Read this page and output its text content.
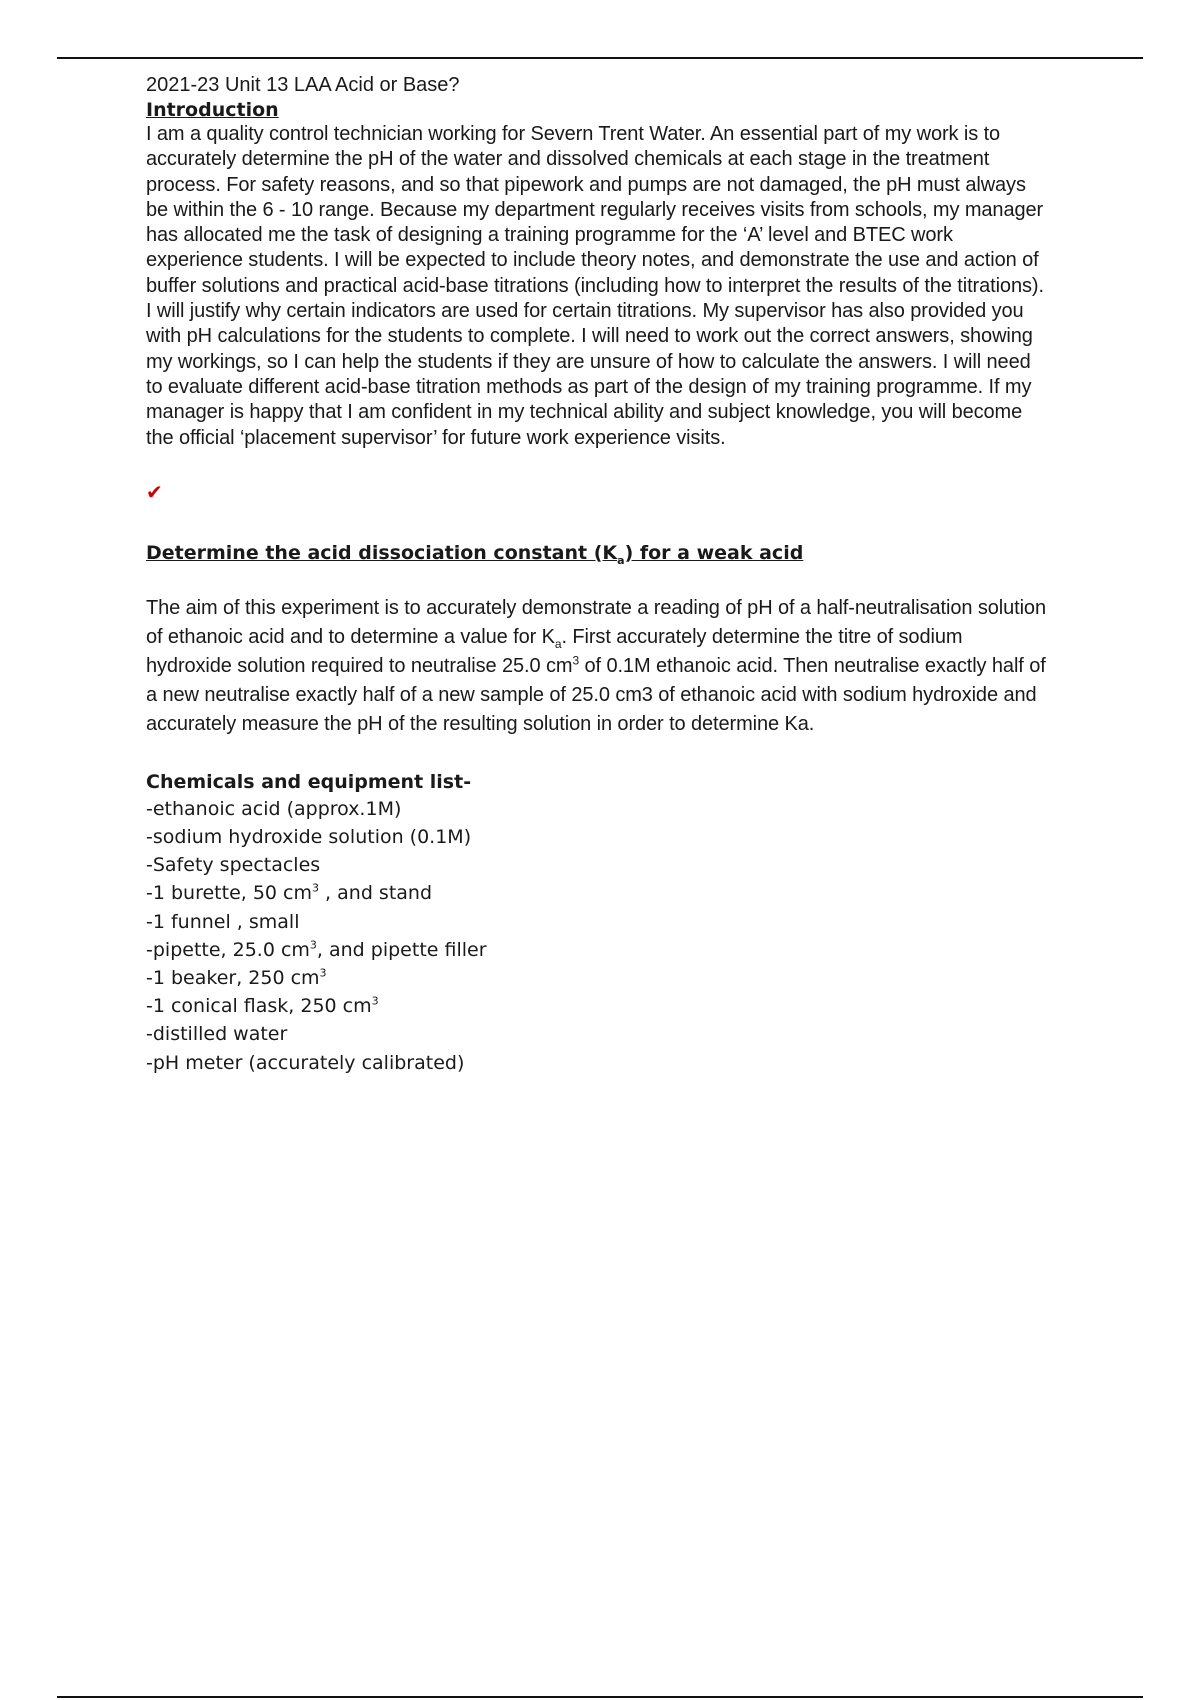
2021-23 Unit 13 LAA Acid or Base?

Introduction

I am a quality control technician working for Severn Trent Water. An essential part of my work is to accurately determine the pH of the water and dissolved chemicals at each stage in the treatment process. For safety reasons, and so that pipework and pumps are not damaged, the pH must always be within the 6 - 10 range. Because my department regularly receives visits from schools, my manager has allocated me the task of designing a training programme for the ‘A’ level and BTEC work experience students. I will be expected to include theory notes, and demonstrate the use and action of buffer solutions and practical acid-base titrations (including how to interpret the results of the titrations). I will justify why certain indicators are used for certain titrations. My supervisor has also provided you with pH calculations for the students to complete. I will need to work out the correct answers, showing my workings, so I can help the students if they are unsure of how to calculate the answers. I will need to evaluate different acid-base titration methods as part of the design of my training programme. If my manager is happy that I am confident in my technical ability and subject knowledge, you will become the official ‘placement supervisor’ for future work experience visits.

✔
Determine the acid dissociation constant $(K_a)$ for a weak acid

The aim of this experiment is to accurately demonstrate a reading of pH of a half-neutralisation solution of ethanoic acid and to determine a value for $K_a$. First accurately determine the titre of sodium hydroxide solution required to neutralise 25.0 $cm^3$ of 0.1M ethanoic acid. Then neutralise exactly half of a new neutralise exactly half of a new sample of 25.0 cm3 of ethanoic acid with sodium hydroxide and accurately measure the pH of the resulting solution in order to determine Ka.

Chemicals and equipment list-
-ethanoic acid (approx.1M)
-sodium hydroxide solution (0.1M)
-Safety spectacles
-1 burette, 50 $cm^3$ , and stand
-1 funnel , small
-pipette, 25.0 $cm^3$, and pipette filler
-1 beaker, 250 $cm^3$
-1 conical flask, 250 $cm^3$
-distilled water
-pH meter (accurately calibrated)
